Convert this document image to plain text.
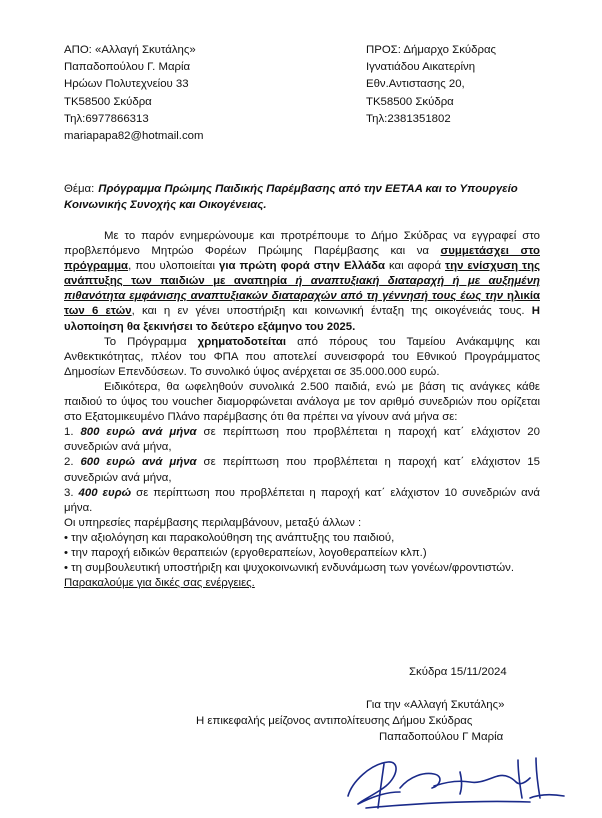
ΑΠΟ: «Αλλαγή Σκυτάλης»
Παπαδοπούλου Γ. Μαρία
Ηρώων Πολυτεχνείου 33
ΤΚ58500 Σκύδρα
Τηλ:6977866313
mariapapa82@hotmail.com
ΠΡΟΣ: Δήμαρχο Σκύδρας
Ιγνατιάδου Αικατερίνη
Εθν.Αντιστασης 20,
ΤΚ58500 Σκύδρα
Τηλ:2381351802
Θέμα: Πρόγραμμα Πρώιμης Παιδικής Παρέμβασης από την ΕΕΤΑΑ και το Υπουργείο Κοινωνικής Συνοχής και Οικογένειας.

Με το παρόν ενημερώνουμε και προτρέπουμε το Δήμο Σκύδρας να εγγραφεί στο προβλεπόμενο Μητρώο Φορέων Πρώιμης Παρέμβασης και να συμμετάσχει στο πρόγραμμα, που υλοποιείται για πρώτη φορά στην Ελλάδα και αφορά την ενίσχυση της ανάπτυξης των παιδιών με αναπηρία ή αναπτυξιακή διαταραχή ή με αυξημένη πιθανότητα εμφάνισης αναπτυξιακών διαταραχών από τη γέννησή τους έως την ηλικία των 6 ετών, και η εν γένει υποστήριξη και κοινωνική ένταξη της οικογένειάς τους. Η υλοποίηση θα ξεκινήσει το δεύτερο εξάμηνο του 2025.

Το Πρόγραμμα χρηματοδοτείται από πόρους του Ταμείου Ανάκαμψης και Ανθεκτικότητας, πλέον του ΦΠΑ που αποτελεί συνεισφορά του Εθνικού Προγράμματος Δημοσίων Επενδύσεων. Το συνολικό ύψος ανέρχεται σε 35.000.000 ευρώ.

Ειδικότερα, θα ωφεληθούν συνολικά 2.500 παιδιά, ενώ με βάση τις ανάγκες κάθε παιδιού το ύψος του voucher διαμορφώνεται ανάλογα με τον αριθμό συνεδριών που ορίζεται στο Εξατομικευμένο Πλάνο παρέμβασης ότι θα πρέπει να γίνουν ανά μήνα σε:

1. 800 ευρώ ανά μήνα σε περίπτωση που προβλέπεται η παροχή κατ΄ ελάχιστον 20 συνεδριών ανά μήνα,

2. 600 ευρώ ανά μήνα σε περίπτωση που προβλέπεται η παροχή κατ΄ ελάχιστον 15 συνεδριών ανά μήνα,

3. 400 ευρώ σε περίπτωση που προβλέπεται η παροχή κατ΄ ελάχιστον 10 συνεδριών ανά μήνα.

Οι υπηρεσίες παρέμβασης περιλαμβάνουν, μεταξύ άλλων :

• την αξιολόγηση και παρακολούθηση της ανάπτυξης του παιδιού,

• την παροχή ειδικών θεραπειών (εργοθεραπείων, λογοθεραπείων κλπ.)

• τη συμβουλευτική υποστήριξη και ψυχοκοινωνική ενδυνάμωση των γονέων/φροντιστών.

Παρακαλούμε για δικές σας ενέργειες.

Σκύδρα 15/11/2024
Για την «Αλλαγή Σκυτάλης»
Η επικεφαλής μείζονος αντιπολίτευσης Δήμου Σκύδρας
Παπαδοπούλου Γ Μαρία
